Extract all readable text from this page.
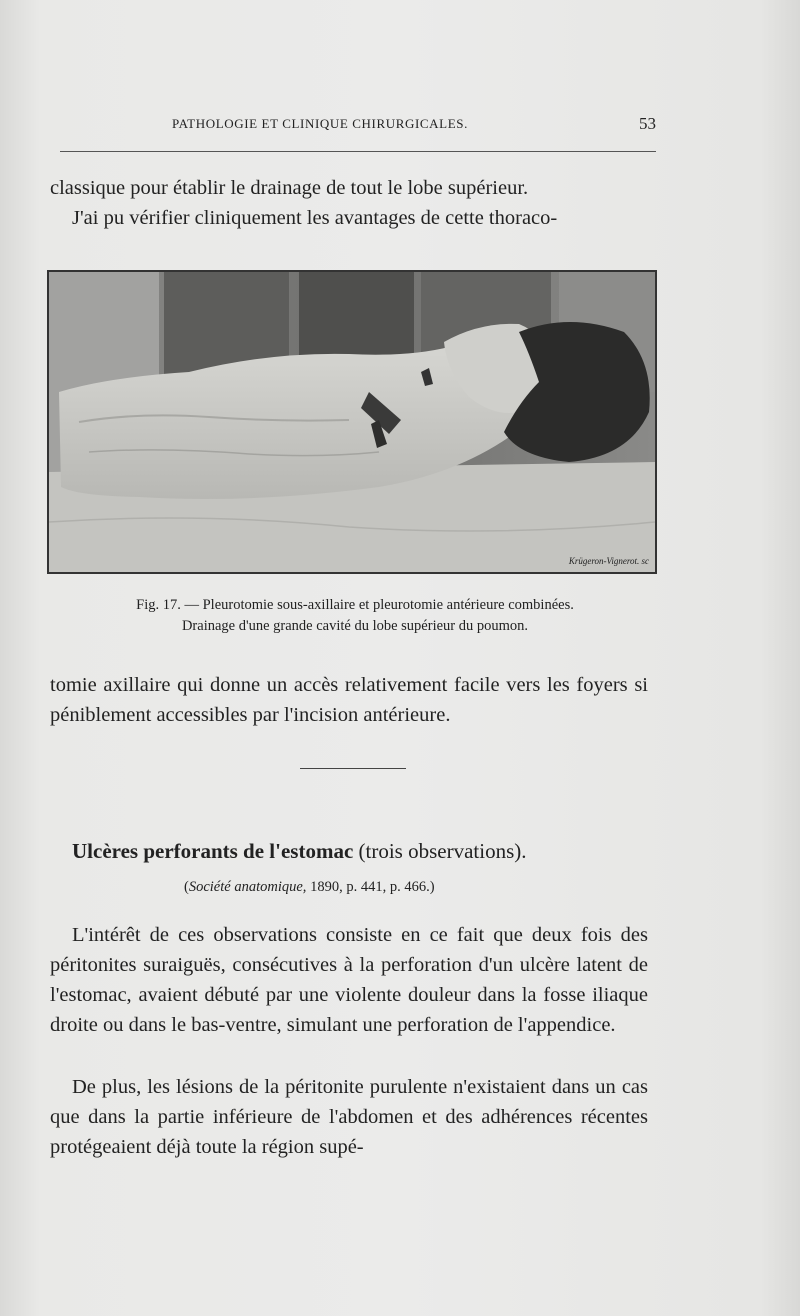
PATHOLOGIE ET CLINIQUE CHIRURGICALES.	53

classique pour établir le drainage de tout le lobe supérieur.

J'ai pu vérifier cliniquement les avantages de cette thoraco-

Krügeron-Vignerot. sc
Fig. 17. — Pleurotomie sous-axillaire et pleurotomie antérieure combinées.
Drainage d'une grande cavité du lobe supérieur du poumon.

tomie axillaire qui donne un accès relativement facile vers les foyers si péniblement accessibles par l'incision antérieure.

Ulcères perforants de l'estomac (trois observations).
(Société anatomique, 1890, p. 441, p. 466.)

L'intérêt de ces observations consiste en ce fait que deux fois des péritonites suraiguës, consécutives à la perforation d'un ulcère latent de l'estomac, avaient débuté par une violente douleur dans la fosse iliaque droite ou dans le bas-ventre, simulant une perforation de l'appendice.

De plus, les lésions de la péritonite purulente n'existaient dans un cas que dans la partie inférieure de l'abdomen et des adhérences récentes protégeaient déjà toute la région supé-
